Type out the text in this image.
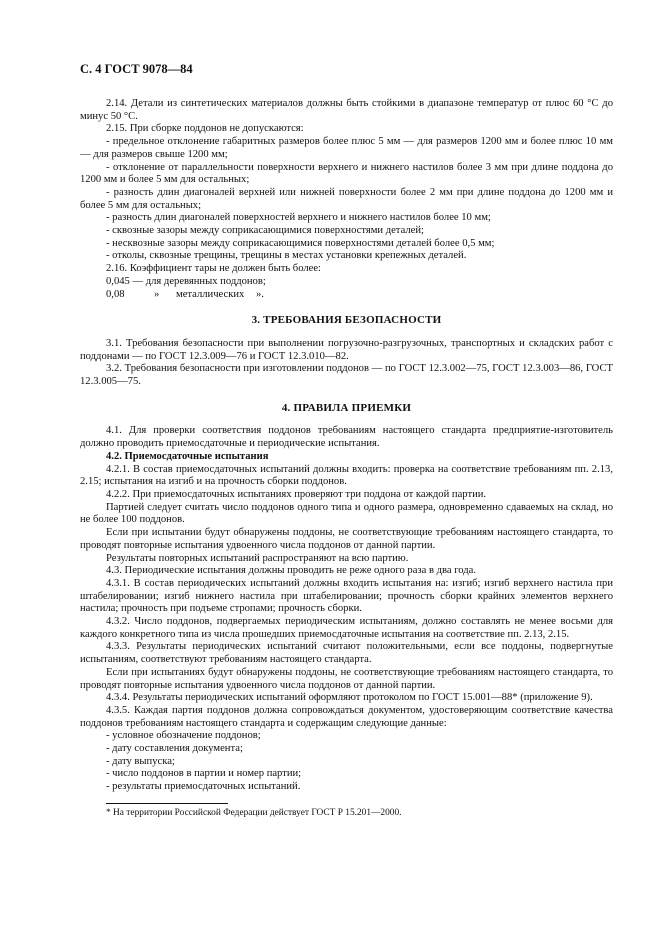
С. 4 ГОСТ 9078—84

2.14. Детали из синтетических материалов должны быть стойкими в диапазоне температур от плюс 60 °С до минус 50 °С.

2.15. При сборке поддонов не допускаются:

- предельное отклонение габаритных размеров более плюс 5 мм — для размеров 1200 мм и более плюс 10 мм — для размеров свыше 1200 мм;

- отклонение от параллельности поверхности верхнего и нижнего настилов более 3 мм при длине поддона до 1200 мм и более 5 мм для остальных;

- разность длин диагоналей верхней или нижней поверхности более 2 мм при длине поддона до 1200 мм и более 5 мм для остальных;

- разность длин диагоналей поверхностей верхнего и нижнего настилов более 10 мм;

- сквозные зазоры между соприкасающимися поверхностями деталей;

- несквозные зазоры между соприкасающимися поверхностями деталей более 0,5 мм;

- отколы, сквозные трещины, трещины в местах установки крепежных деталей.

2.16. Коэффициент тары не должен быть более:

0,045 — для деревянных поддонов;
0,08	»	металлических	».
3. ТРЕБОВАНИЯ БЕЗОПАСНОСТИ

3.1. Требования безопасности при выполнении погрузочно-разгрузочных, транспортных и складских работ с поддонами — по ГОСТ 12.3.009—76 и ГОСТ 12.3.010—82.

3.2. Требования безопасности при изготовлении поддонов — по ГОСТ 12.3.002—75, ГОСТ 12.3.003—86, ГОСТ 12.3.005—75.

4. ПРАВИЛА ПРИЕМКИ

4.1. Для проверки соответствия поддонов требованиям настоящего стандарта предприятие-изготовитель должно проводить приемосдаточные и периодические испытания.

4.2. Приемосдаточные испытания

4.2.1. В состав приемосдаточных испытаний должны входить: проверка на соответствие требованиям пп. 2.13, 2.15; испытания на изгиб и на прочность сборки поддонов.

4.2.2. При приемосдаточных испытаниях проверяют три поддона от каждой партии.

Партией следует считать число поддонов одного типа и одного размера, одновременно сдаваемых на склад, но не более 100 поддонов.

Если при испытании будут обнаружены поддоны, не соответствующие требованиям настоящего стандарта, то проводят повторные испытания удвоенного числа поддонов от данной партии.

Результаты повторных испытаний распространяют на всю партию.

4.3. Периодические испытания должны проводить не реже одного раза в два года.

4.3.1. В состав периодических испытаний должны входить испытания на: изгиб; изгиб верхнего настила при штабелировании; изгиб нижнего настила при штабелировании; прочность сборки крайних элементов верхнего настила; прочность при подъеме стропами; прочность сборки.

4.3.2. Число поддонов, подвергаемых периодическим испытаниям, должно составлять не менее восьми для каждого конкретного типа из числа прошедших приемосдаточные испытания на соответствие пп. 2.13, 2.15.

4.3.3. Результаты периодических испытаний считают положительными, если все поддоны, подвергнутые испытаниям, соответствуют требованиям настоящего стандарта.

Если при испытаниях будут обнаружены поддоны, не соответствующие требованиям настоящего стандарта, то проводят повторные испытания удвоенного числа поддонов от данной партии.

4.3.4. Результаты периодических испытаний оформляют протоколом по ГОСТ 15.001—88* (приложение 9).

4.3.5. Каждая партия поддонов должна сопровождаться документом, удостоверяющим соответствие качества поддонов требованиям настоящего стандарта и содержащим следующие данные:

- условное обозначение поддонов;

- дату составления документа;

- дату выпуска;

- число поддонов в партии и номер партии;

- результаты приемосдаточных испытаний.

* На территории Российской Федерации действует ГОСТ Р 15.201—2000.
